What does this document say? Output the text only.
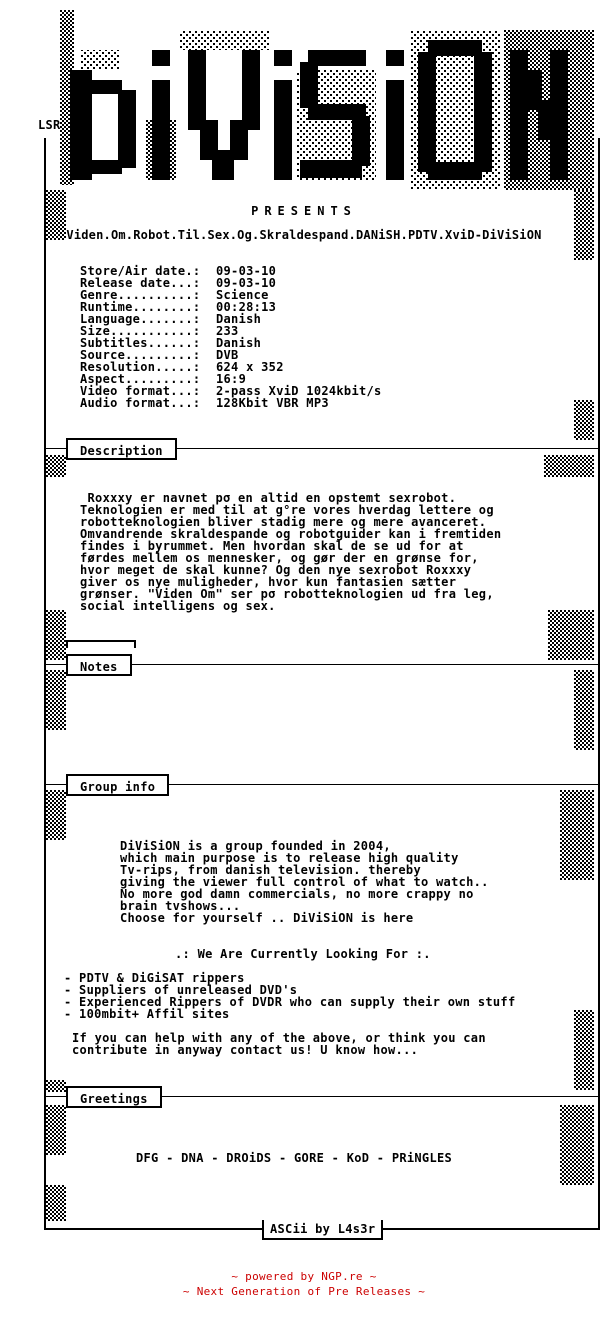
LSR
PRESENTS
Viden.Om.Robot.Til.Sex.Og.Skraldespand.DANiSH.PDTV.XviD-DiViSiON
Store/Air date.: 09-03-10
Release date...: 09-03-10
Genre..........: Science
Runtime........: 00:28:13
Language.......: Danish
Size...........: 233
Subtitles......: Danish
Source.........: DVB
Resolution.....: 624 x 352
Aspect.........: 16:9
Video format...: 2-pass XviD 1024kbit/s
Audio format...: 128Kbit VBR MP3
Description
Roxxxy er navnet pσ en altid en opstemt sexrobot.
Teknologien er med til at g°re vores hverdag lettere og
robotteknologien bliver stadig mere og mere avanceret.
Omvandrende skraldespande og robotguider kan i fremtiden
findes i byrummet. Men hvordan skal de se ud for at
førdes mellem os mennesker, og gør der en grønse for,
hvor meget de skal kunne? Og den nye sexrobot Roxxxy
giver os nye muligheder, hvor kun fantasien sætter
grønser. "Viden Om" ser pσ robotteknologien ud fra leg,
social intelligens og sex.
Notes
Group info
DiViSiON is a group founded in 2004,
which main purpose is to release high quality
Tv-rips, from danish television. thereby
giving the viewer full control of what to watch..
No more god damn commercials, no more crappy no
brain tvshows...
Choose for yourself .. DiViSiON is here
.: We Are Currently Looking For :.
- PDTV & DiGiSAT rippers
- Suppliers of unreleased DVD's
- Experienced Rippers of DVDR who can supply their own stuff
- 100mbit+ Affil sites
If you can help with any of the above, or think you can
contribute in anyway contact us! U know how...
Greetings
DFG - DNA - DROiDS - GORE - KoD - PRiNGLES
ASCii by L4s3r
~ powered by NGP.re ~
~ Next Generation of Pre Releases ~
